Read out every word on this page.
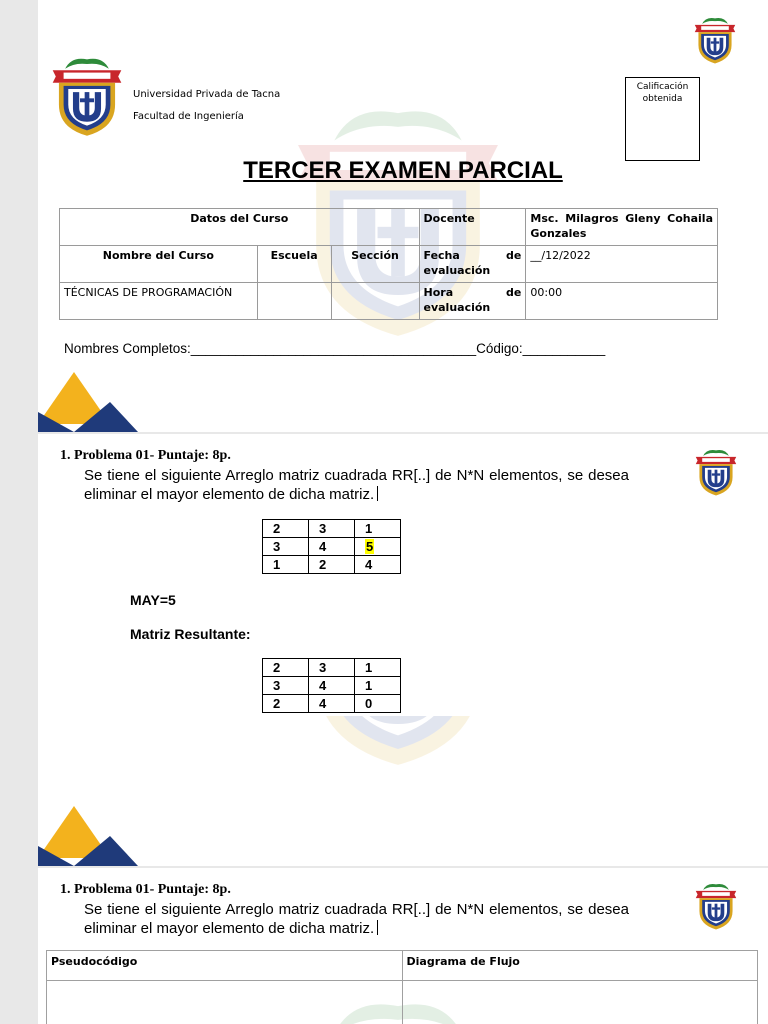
Universidad Privada de Tacna
Facultad de Ingeniería
Calificación obtenida
TERCER EXAMEN PARCIAL
Datos del Curso			Docente	Msc. Milagros Gleny Cohaila Gonzales
Nombre del Curso	Escuela	Sección	Fecha de evaluación	__/12/2022
TÉCNICAS DE PROGRAMACIÓN			Hora de evaluación	00:00
Nombres Completos:______________________________________Código:___________
1. Problema 01- Puntaje: 8p.
Se tiene el siguiente Arreglo matriz cuadrada RR[..] de N*N elementos, se desea eliminar el mayor elemento de dicha matriz.
2	3	1
3	4	5
1	2	4
MAY=5
Matriz Resultante:
2	3	1
3	4	1
2	4	0
1. Problema 01- Puntaje: 8p.
Se tiene el siguiente Arreglo matriz cuadrada RR[..] de N*N elementos, se desea eliminar el mayor elemento de dicha matriz.
Pseudocódigo	Diagrama de Flujo
